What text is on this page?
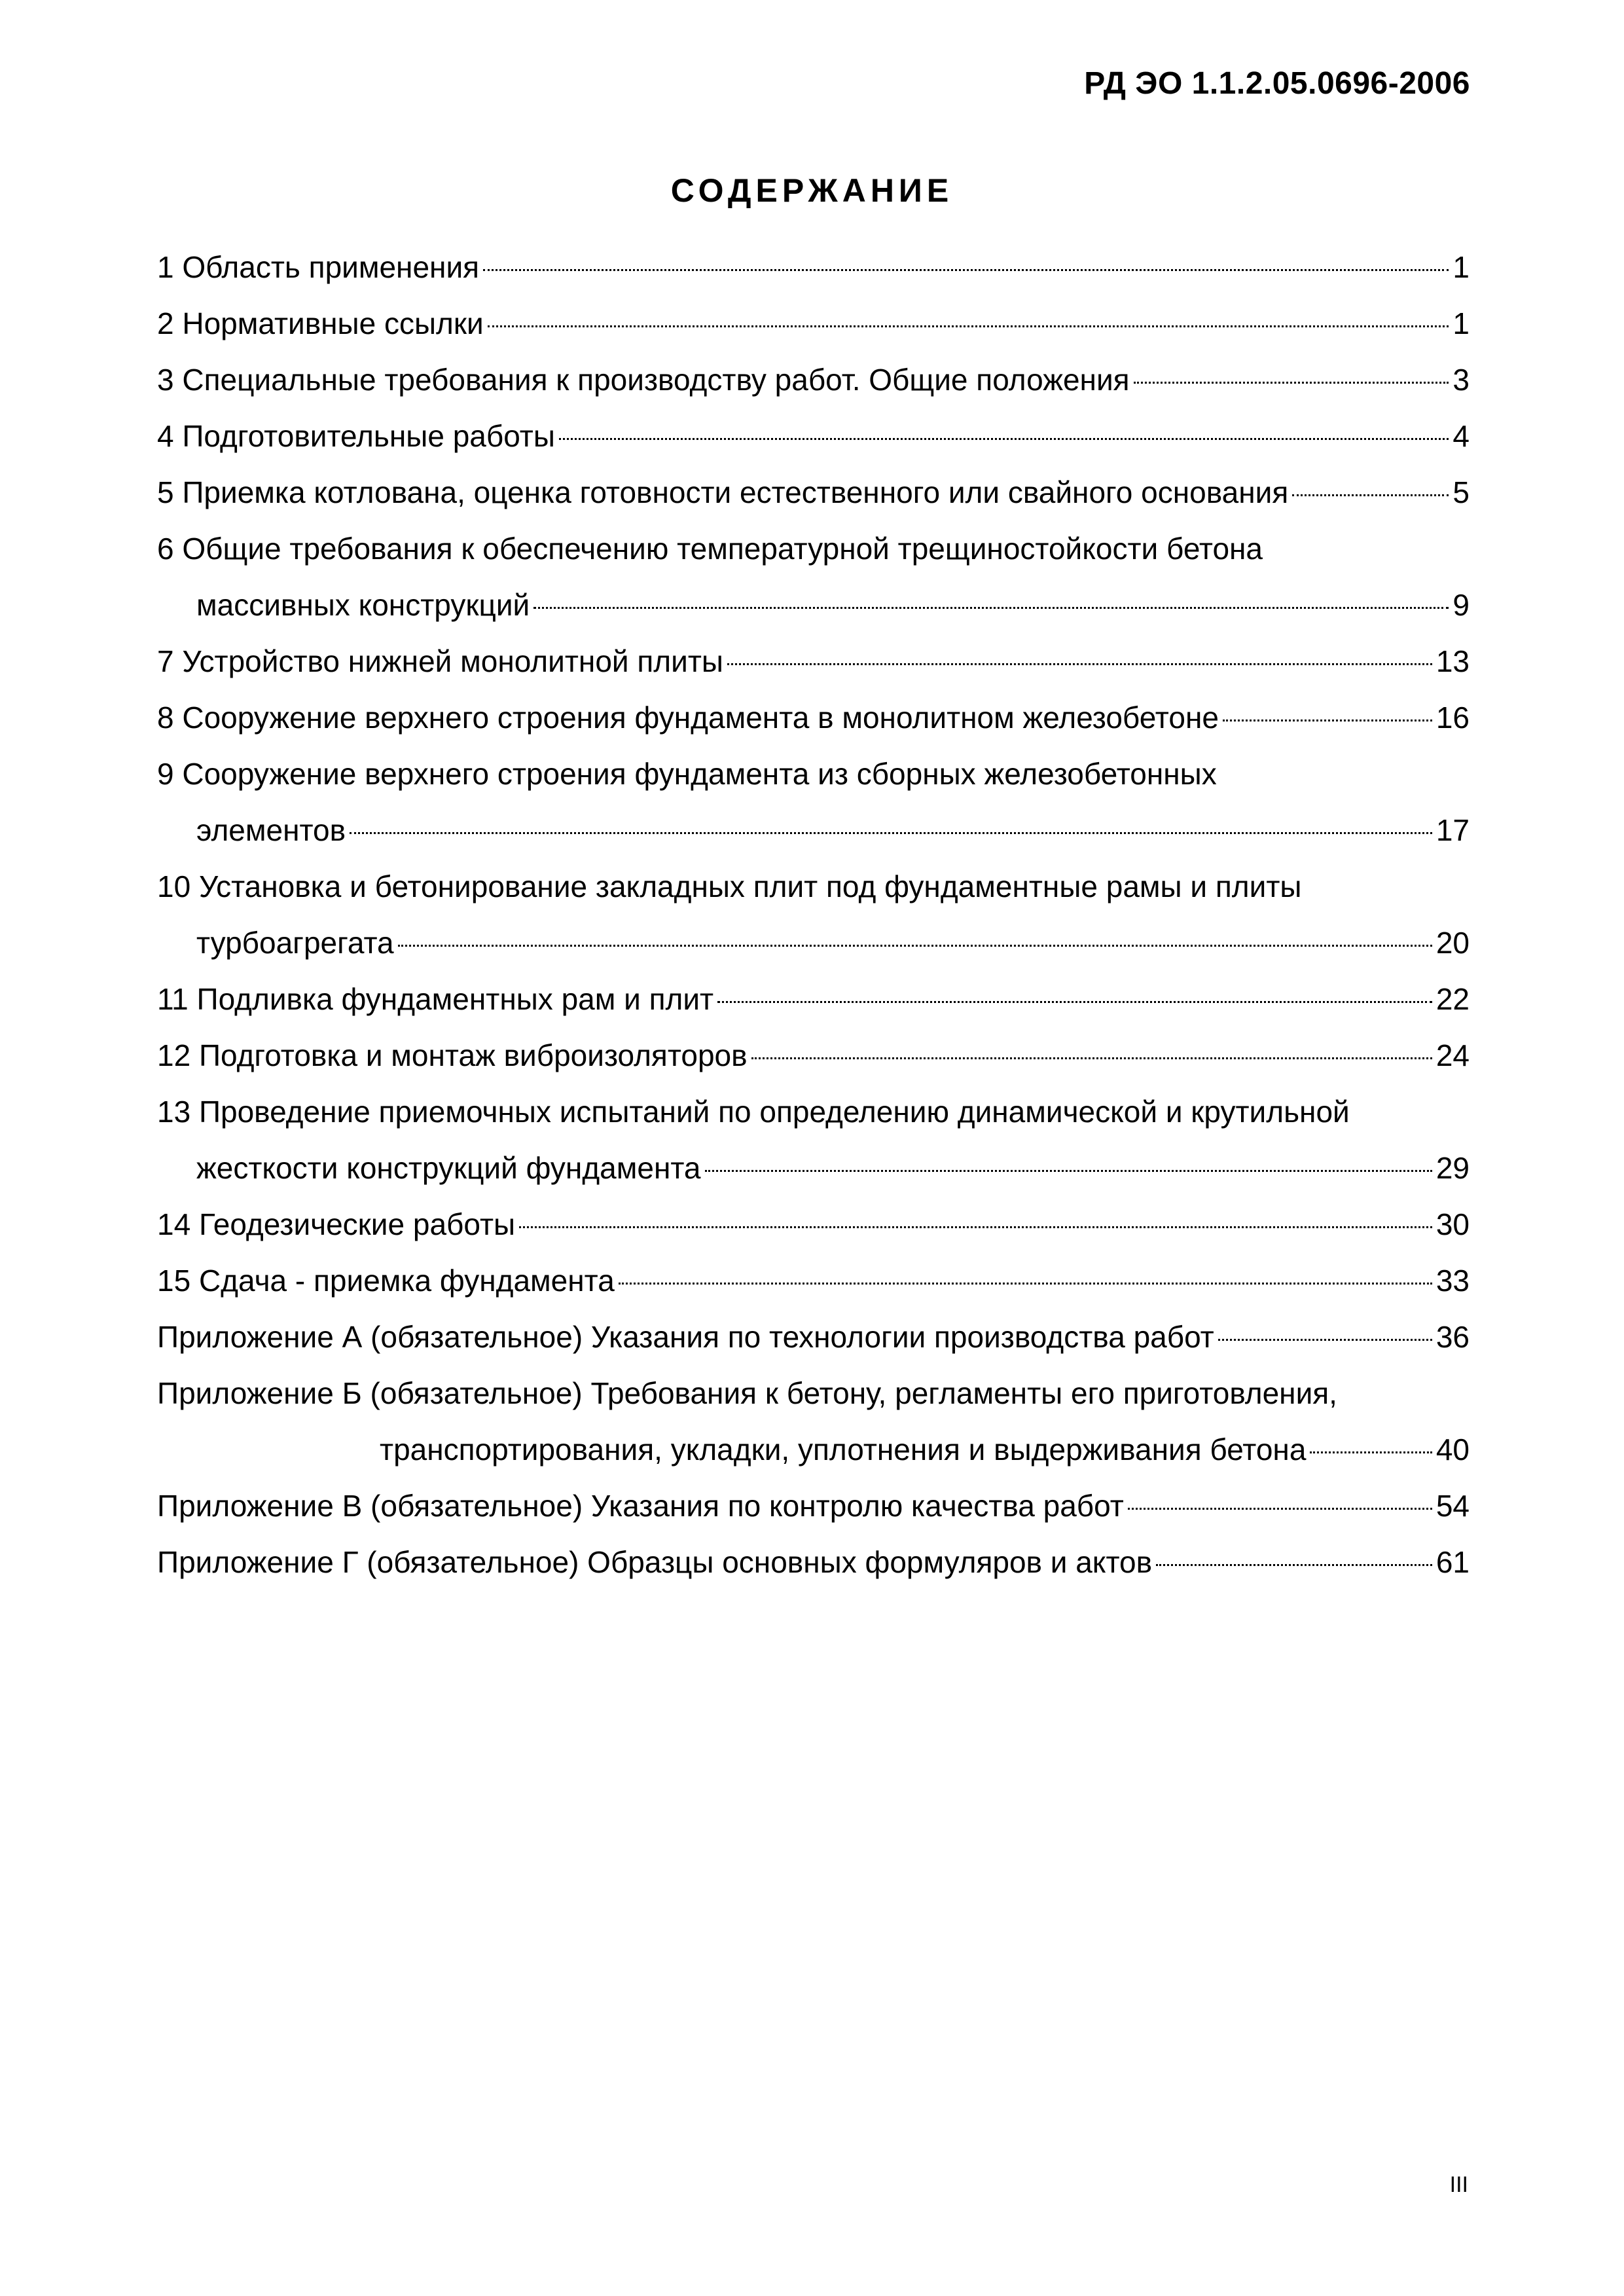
РД ЭО 1.1.2.05.0696-2006
СОДЕРЖАНИЕ
1 Область применения	1
2 Нормативные ссылки	1
3 Специальные требования к производству работ. Общие положения	3
4 Подготовительные работы	4
5 Приемка котлована, оценка готовности естественного или свайного основания	5
6 Общие требования к обеспечению температурной трещиностойкости бетона
массивных конструкций	9
7 Устройство нижней монолитной плиты	13
8 Сооружение верхнего строения фундамента в монолитном железобетоне	16
9 Сооружение верхнего строения фундамента из сборных железобетонных
элементов	17
10 Установка и бетонирование закладных плит под фундаментные рамы и плиты
турбоагрегата	20
11 Подливка фундаментных рам и плит	22
12 Подготовка и монтаж виброизоляторов	24
13 Проведение приемочных испытаний по определению динамической и крутильной
жесткости конструкций фундамента	29
14 Геодезические работы	30
15 Сдача - приемка фундамента	33
Приложение А (обязательное) Указания по технологии производства работ	36
Приложение Б (обязательное) Требования к бетону, регламенты его приготовления,
транспортирования, укладки, уплотнения и выдерживания бетона	40
Приложение В (обязательное) Указания по контролю качества работ	54
Приложение Г (обязательное) Образцы основных формуляров и актов	61
III
